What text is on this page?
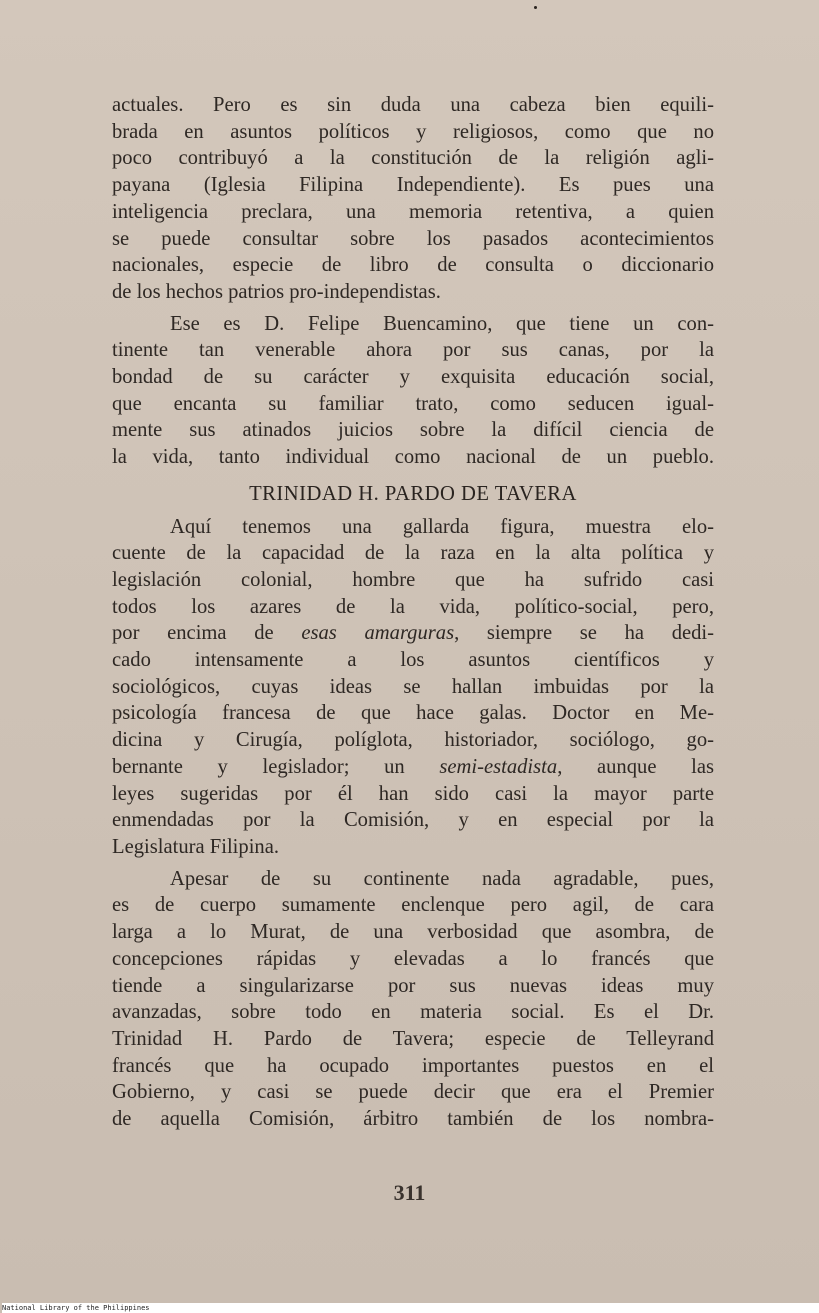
actuales. Pero es sin duda una cabeza bien equili-
brada en asuntos políticos y religiosos, como que no
poco contribuyó a la constitución de la religión agli-
payana (Iglesia Filipina Independiente). Es pues una
inteligencia preclara, una memoria retentiva, a quien
se puede consultar sobre los pasados acontecimientos
nacionales, especie de libro de consulta o diccionario
de los hechos patrios pro-independistas.

Ese es D. Felipe Buencamino, que tiene un con-
tinente tan venerable ahora por sus canas, por la
bondad de su carácter y exquisita educación social,
que encanta su familiar trato, como seducen igual-
mente sus atinados juicios sobre la difícil ciencia de
la vida, tanto individual como nacional de un pueblo.

TRINIDAD H. PARDO DE TAVERA

Aquí tenemos una gallarda figura, muestra elo-
cuente de la capacidad de la raza en la alta política y
legislación colonial, hombre que ha sufrido casi
todos los azares de la vida, político-social, pero,
por encima de esas amarguras, siempre se ha dedi-
cado intensamente a los asuntos científicos y
sociológicos, cuyas ideas se hallan imbuidas por la
psicología francesa de que hace galas. Doctor en Me-
dicina y Cirugía, políglota, historiador, sociólogo, go-
bernante y legislador; un semi-estadista, aunque las
leyes sugeridas por él han sido casi la mayor parte
enmendadas por la Comisión, y en especial por la
Legislatura Filipina.

Apesar de su continente nada agradable, pues,
es de cuerpo sumamente enclenque pero agil, de cara
larga a lo Murat, de una verbosidad que asombra, de
concepciones rápidas y elevadas a lo francés que
tiende a singularizarse por sus nuevas ideas muy
avanzadas, sobre todo en materia social. Es el Dr.
Trinidad H. Pardo de Tavera; especie de Telleyrand
francés que ha ocupado importantes puestos en el
Gobierno, y casi se puede decir que era el Premier
de aquella Comisión, árbitro también de los nombra-

311
National Library of the Philippines
